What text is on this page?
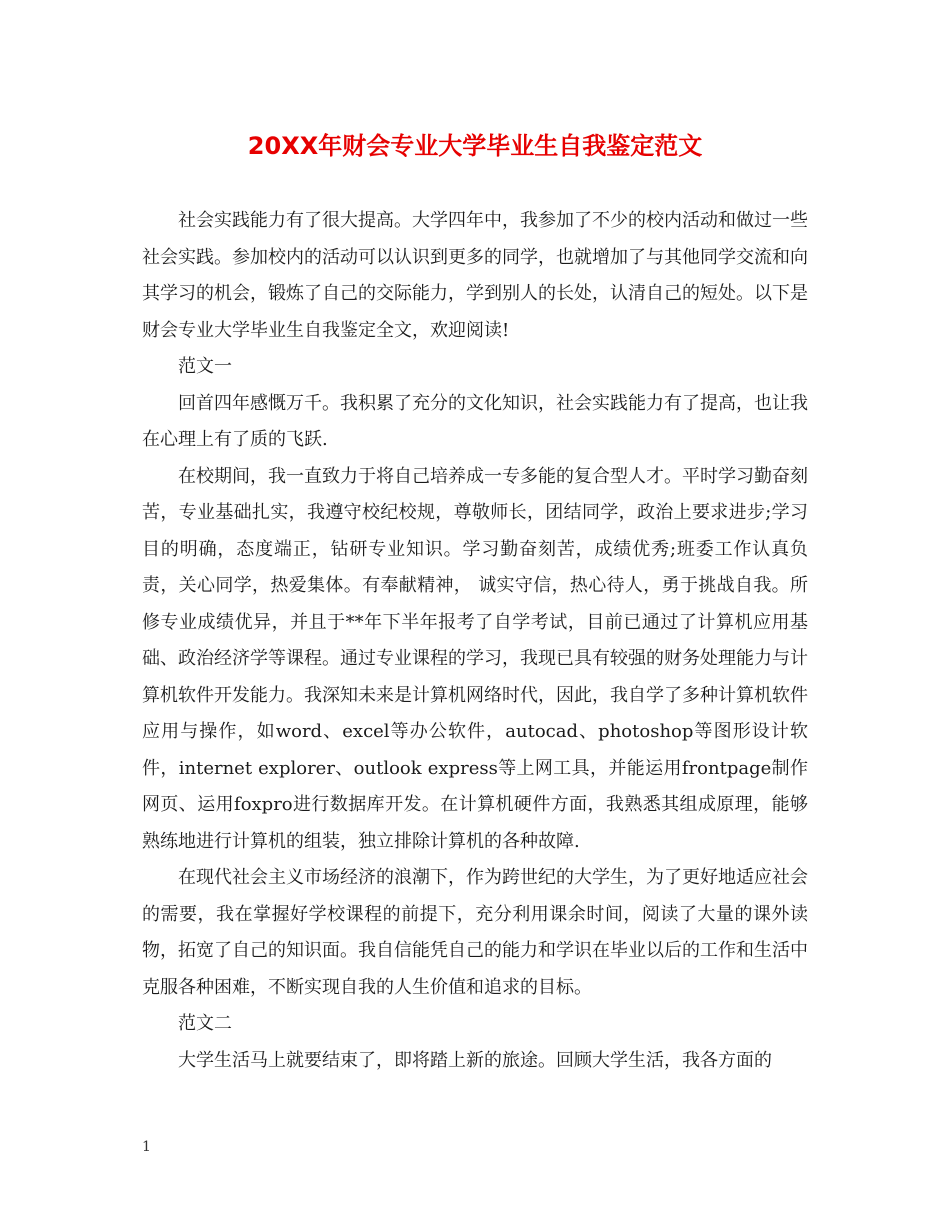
20XX年财会专业大学毕业生自我鉴定范文

社会实践能力有了很大提高。大学四年中，我参加了不少的校内活动和做过一些社会实践。参加校内的活动可以认识到更多的同学，也就增加了与其他同学交流和向其学习的机会，锻炼了自己的交际能力，学到别人的长处，认清自己的短处。以下是财会专业大学毕业生自我鉴定全文，欢迎阅读!

范文一

回首四年感慨万千。我积累了充分的文化知识，社会实践能力有了提高，也让我在心理上有了质的飞跃.

在校期间，我一直致力于将自己培养成一专多能的复合型人才。平时学习勤奋刻苦，专业基础扎实，我遵守校纪校规，尊敬师长，团结同学，政治上要求进步;学习目的明确，态度端正，钻研专业知识。学习勤奋刻苦，成绩优秀;班委工作认真负责，关心同学，热爱集体。有奉献精神， 诚实守信，热心待人，勇于挑战自我。所修专业成绩优异，并且于**年下半年报考了自学考试，目前已通过了计算机应用基础、政治经济学等课程。通过专业课程的学习，我现已具有较强的财务处理能力与计算机软件开发能力。我深知未来是计算机网络时代，因此，我自学了多种计算机软件应用与操作，如word、excel等办公软件，autocad、photoshop等图形设计软件，internet explorer、outlook express等上网工具，并能运用frontpage制作网页、运用foxpro进行数据库开发。在计算机硬件方面，我熟悉其组成原理，能够熟练地进行计算机的组装，独立排除计算机的各种故障.

在现代社会主义市场经济的浪潮下，作为跨世纪的大学生，为了更好地适应社会的需要，我在掌握好学校课程的前提下，充分利用课余时间，阅读了大量的课外读物，拓宽了自己的知识面。我自信能凭自己的能力和学识在毕业以后的工作和生活中克服各种困难，不断实现自我的人生价值和追求的目标。

范文二

大学生活马上就要结束了，即将踏上新的旅途。回顾大学生活，我各方面的

1
